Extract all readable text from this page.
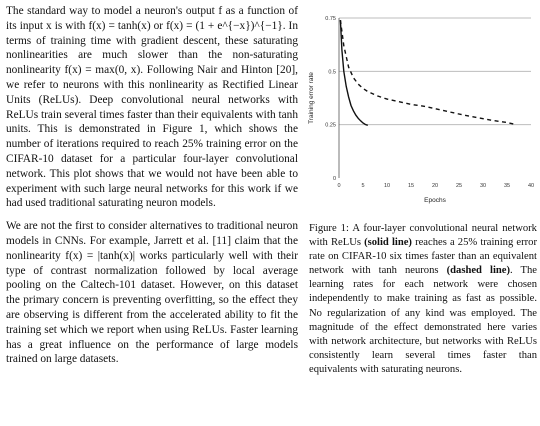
The standard way to model a neuron's output f as a function of its input x is with f(x) = tanh(x) or f(x) = (1 + e^{−x})^{−1}. In terms of training time with gradient descent, these saturating nonlinearities are much slower than the non-saturating nonlinearity f(x) = max(0, x). Following Nair and Hinton [20], we refer to neurons with this nonlinearity as Rectified Linear Units (ReLUs). Deep convolutional neural networks with ReLUs train several times faster than their equivalents with tanh units. This is demonstrated in Figure 1, which shows the number of iterations required to reach 25% training error on the CIFAR-10 dataset for a particular four-layer convolutional network. This plot shows that we would not have been able to experiment with such large neural networks for this work if we had used traditional saturating neuron models.

We are not the first to consider alternatives to traditional neuron models in CNNs. For example, Jarrett et al. [11] claim that the nonlinearity f(x) = |tanh(x)| works particularly well with their type of contrast normalization followed by local average pooling on the Caltech-101 dataset. However, on this dataset the primary concern is preventing overfitting, so the effect they are observing is different from the accelerated ability to fit the training set which we report when using ReLUs. Faster learning has a great influence on the performance of large models trained on large datasets.

0
0.25
0.5
0.75
0	5	10	15	20	25	30	35	40
Epochs
Training error rate
Figure 1: A four-layer convolutional neural network with ReLUs (solid line) reaches a 25% training error rate on CIFAR-10 six times faster than an equivalent network with tanh neurons (dashed line). The learning rates for each network were chosen independently to make training as fast as possible. No regularization of any kind was employed. The magnitude of the effect demonstrated here varies with network architecture, but networks with ReLUs consistently learn several times faster than equivalents with saturating neurons.
